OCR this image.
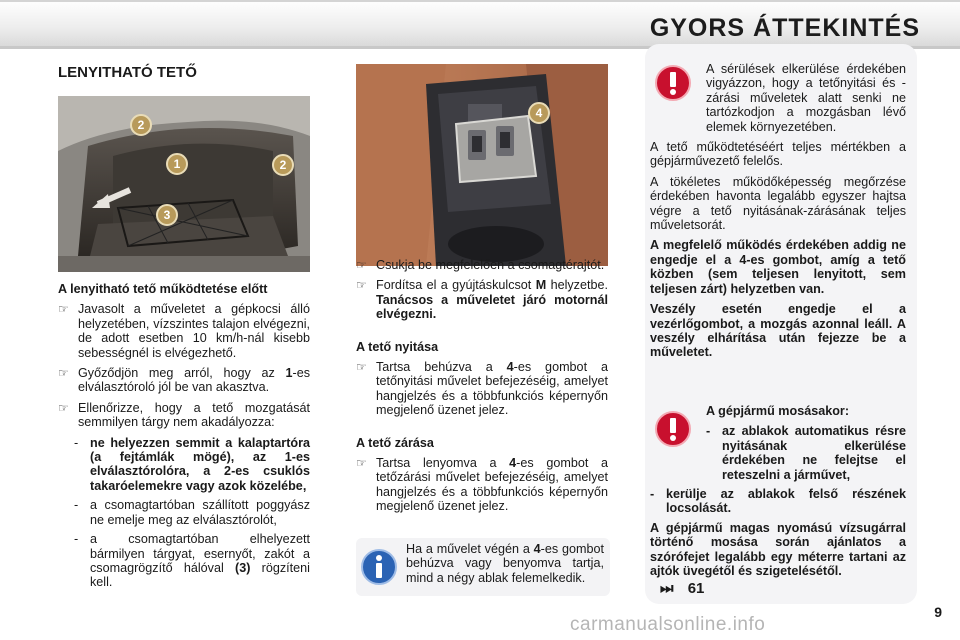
GYORS ÁTTEKINTÉS
LENYITHATÓ TETŐ
2
1	2
3
4

A lenyitható tető működtetése előtt

☞ Javasolt a műveletet a gépkocsi álló helyzetében, vízszintes talajon elvégezni, de adott esetben 10 km/h-nál kisebb sebességnél is elvégezhető.
☞ Győződjön meg arról, hogy az 1-es elválasztóroló jól be van akasztva.
☞ Ellenőrizze, hogy a tető mozgatását semmilyen tárgy nem akadályozza:
- ne helyezzen semmit a kalaptartóra (a fejtámlák mögé), az 1-es elválasztórolóra, a 2-es csuklós takaróelemekre vagy azok közelébe,
- a csomagtartóban szállított poggyász ne emelje meg az elválasztórolót,
- a csomagtartóban elhelyezett bármilyen tárgyat, esernyőt, zakót a csomagrögzítő hálóval (3) rögzíteni kell.
☞ Csukja be megfelelően a csomagtérajtót.
☞ Fordítsa el a gyújtáskulcsot M helyzetbe. Tanácsos a műveletet járó motornál elvégezni.

A tető nyitása

☞ Tartsa behúzva a 4-es gombot a tetőnyitási művelet befejezéséig, amelyet hangjelzés és a többfunkciós képernyőn megjelenő üzenet jelez.

A tető zárása

☞ Tartsa lenyomva a 4-es gombot a tetőzárási művelet befejezéséig, amelyet hangjelzés és a többfunkciós képernyőn megjelenő üzenet jelez.

Ha a művelet végén a 4-es gombot behúzva vagy benyomva tartja, mind a négy ablak felemelkedik.

A sérülések elkerülése érdekében vigyázzon, hogy a tetőnyitási és -zárási műveletek alatt senki ne tartózkodjon a mozgásban lévő elemek környezetében.

A tető működtetéséért teljes mértékben a gépjárművezető felelős.

A tökéletes működőképesség megőrzése érdekében havonta legalább egyszer hajtsa végre a tető nyitásának-zárásának teljes műveletsorát.

A megfelelő működés érdekében addig ne engedje el a 4-es gombot, amíg a tető közben (sem teljesen lenyitott, sem teljesen zárt) helyzetben van.

Veszély esetén engedje el a vezérlőgombot, a mozgás azonnal leáll. A veszély elhárítása után fejezze be a műveletet.

A gépjármű mosásakor:

- az ablakok automatikus résre nyitásának elkerülése érdekében ne felejtse el reteszelni a járművet,
- kerülje az ablakok felső részének locsolását.

A gépjármű magas nyomású vízsugárral történő mosása során ajánlatos a szórófejet legalább egy méterre tartani az ajtók üvegétől és szigetelésétől.

⏭ 61
carmanualsonline.info
9
